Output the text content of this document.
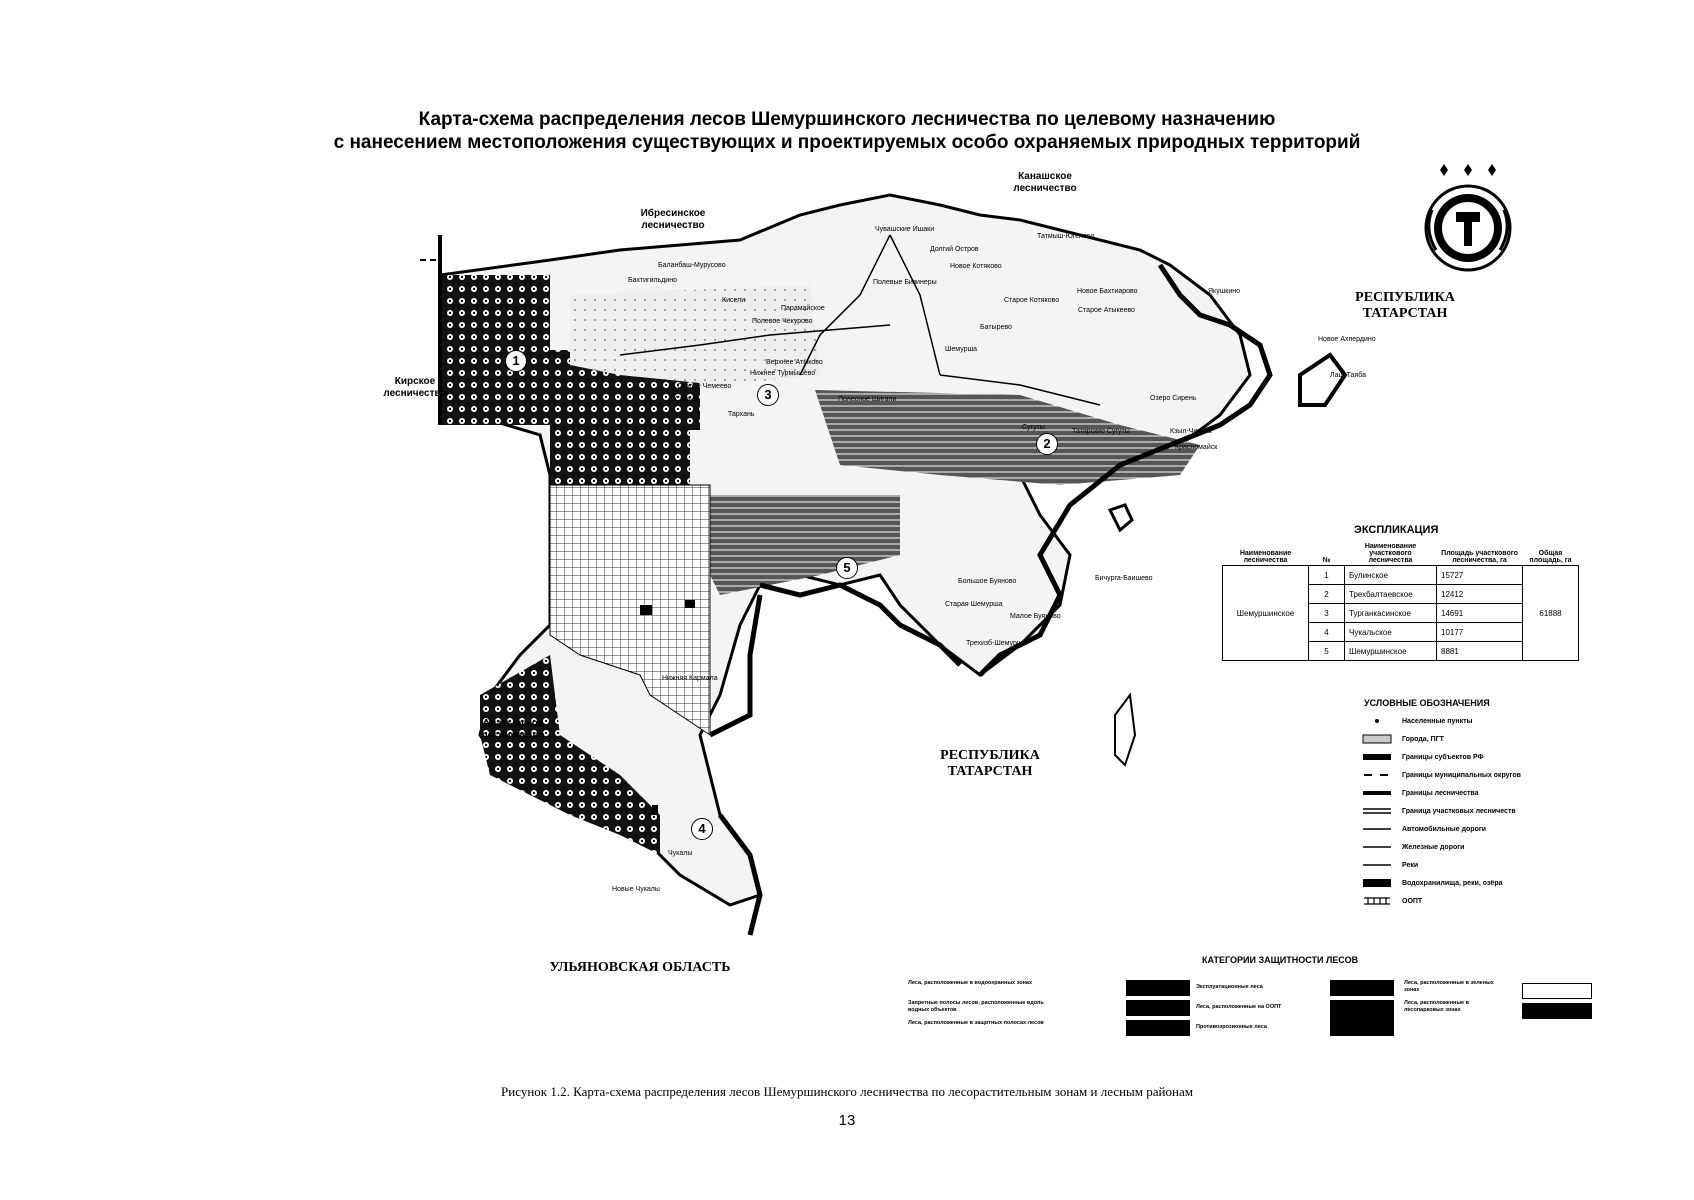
Карта-схема распределения лесов Шемуршинского лесничества по целевому назначению
с нанесением местоположения существующих и проектируемых особо охраняемых природных территорий
Канашское лесничество
Ибресинское лесничество
Кирское лесничество
Алатырское лесничество
РЕСПУБЛИКА ТАТАРСТАН
РЕСПУБЛИКА ТАТАРСТАН
УЛЬЯНОВСКАЯ ОБЛАСТЬ
1
2
3
4
5
Чувашские Ишаки
Долгий Остров
Новое Котяково
Татмыш-Югелево
Полевые Бизинеры
Старое Котяково
Новое Бахтиарово	Якушкино
Баланбаш-Мурусово
Бахтигильдино
Кисели
Парамайское
Полевое Чекурово
Старое Атыкеево
Батырево
Шемурша
Верхнее Атыково
Нижнее Турмышево
Старое Чемеево
Сигачи
Тархань
Полесное Шигали
Сугуты
Татарские Сугуты
Озеро Сирень
Кзыл-Чишма
Красномайск
Бичурга-Баишево
Большое Буяново
Малое Буяново
Трехизб-Шемурша
Старая Шемурша
Чукалы
Новые Чукалы
Нижняя Кармала
Лащ-Таяба
Новое Ахпердино
ЭКСПЛИКАЦИЯ
Наименование лесничества	№	Наименование участкового лесничества	Площадь участкового лесничества, га	Общая площадь, га
Шемуршинское	1	Булинское	15727	61888
	2	Трехбалтаевское	12412	
	3	Турганкасинское	14691	
	4	Чукальское	10177	
	5	Шемуршинское	8881	
УСЛОВНЫЕ ОБОЗНАЧЕНИЯ
Населенные пункты
Города, ПГТ
Границы субъектов РФ
Границы муниципальных округов
Границы лесничества
Граница участковых лесничеств
Автомобильные дороги
Железные дороги
Реки
Водохранилища, реки, озёра
ООПТ
КАТЕГОРИИ ЗАЩИТНОСТИ ЛЕСОВ
Леса, расположенные в водоохранных зонах
Запретные полосы лесов, расположенные вдоль водных объектов
Леса, расположенные в защитных полосах лесов
Эксплуатационные леса
Леса, расположенные на ООПТ
Противоэрозионные леса
Леса, расположенные в зеленых зонах
Леса, расположенные в лесопарковых зонах
Рисунок 1.2. Карта-схема распределения лесов Шемуршинского лесничества по лесорастительным зонам и лесным районам
13
